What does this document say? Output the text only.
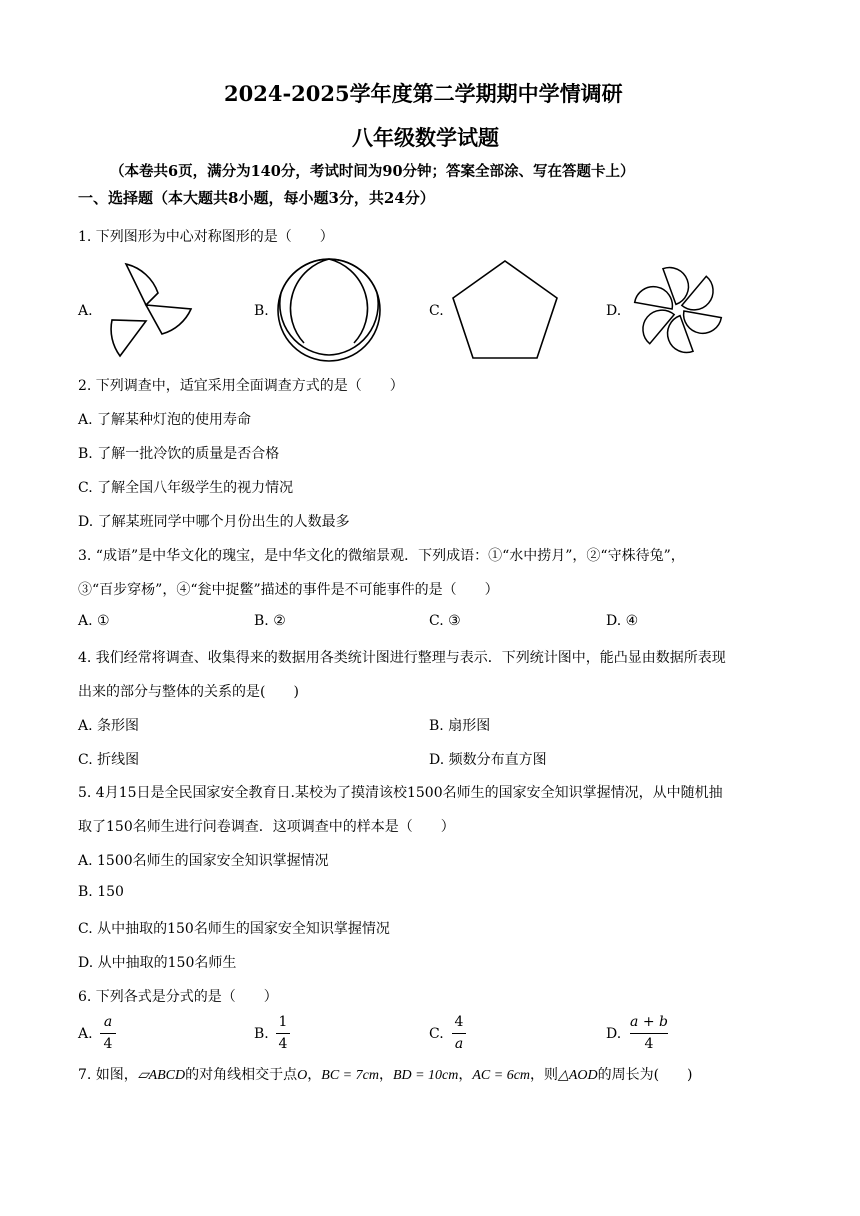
2024-2025学年度第二学期期中学情调研
八年级数学试题
（本卷共6页，满分为140分，考试时间为90分钟；答案全部涂、写在答题卡上）
一、选择题（本大题共8小题，每小题3分，共24分）
1. 下列图形为中心对称图形的是（　　）
A.	B.	C.	D.
2. 下列调查中，适宜采用全面调查方式的是（　　）
A. 了解某种灯泡的使用寿命
B. 了解一批冷饮的质量是否合格
C. 了解全国八年级学生的视力情况
D. 了解某班同学中哪个月份出生的人数最多
3. “成语”是中华文化的瑰宝，是中华文化的微缩景观．下列成语：①“水中捞月”，②“守株待兔”，
③“百步穿杨”，④“瓮中捉鳖”描述的事件是不可能事件的是（　　）
A. ①	B. ②	C. ③	D. ④
4. 我们经常将调查、收集得来的数据用各类统计图进行整理与表示．下列统计图中，能凸显由数据所表现
出来的部分与整体的关系的是(　　)
A. 条形图	B. 扇形图
C. 折线图	D. 频数分布直方图
5. 4月15日是全民国家安全教育日.某校为了摸清该校1500名师生的国家安全知识掌握情况，从中随机抽
取了150名师生进行问卷调查．这项调查中的样本是（　　）
A. 1500名师生的国家安全知识掌握情况
B. 150
C. 从中抽取的150名师生的国家安全知识掌握情况
D. 从中抽取的150名师生
6. 下列各式是分式的是（　　）
A.
a
4
B.
1
4
C.
4
a
D.
a + b
4
7. 如图，▱ABCD的对角线相交于点O，BC = 7cm，BD = 10cm，AC = 6cm，则△AOD的周长为(　　)
